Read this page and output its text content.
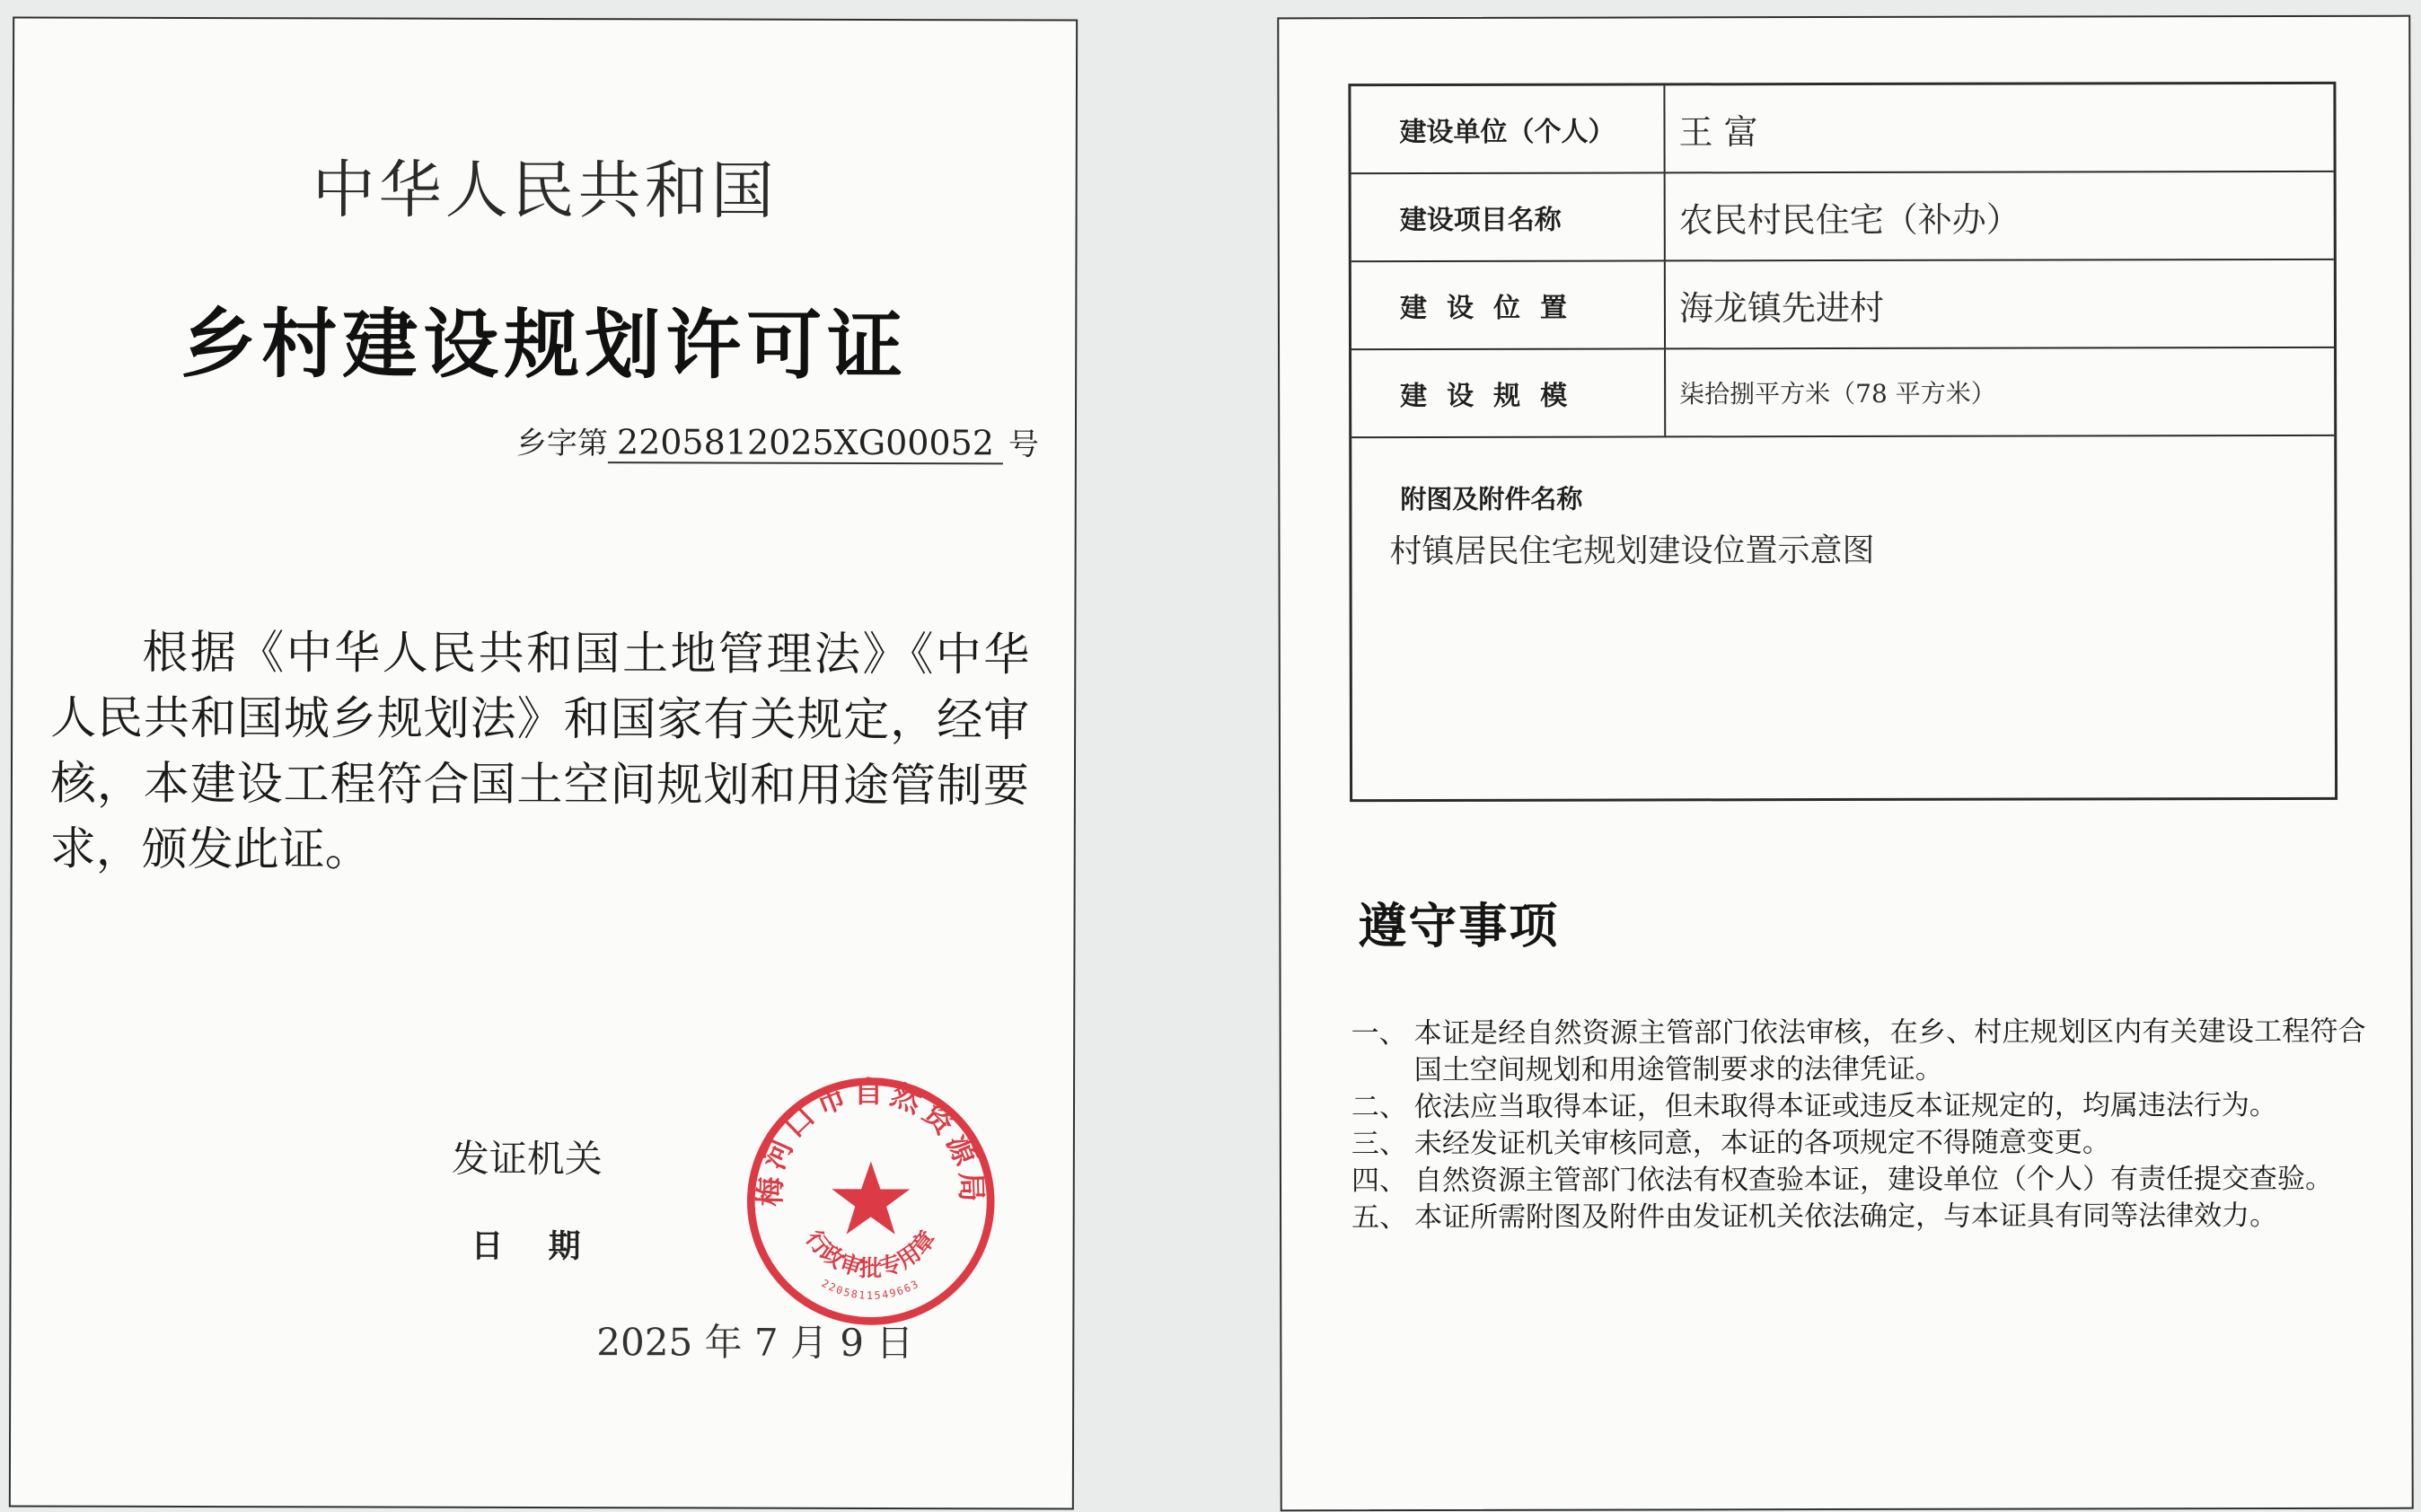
中华人民共和国
乡村建设规划许可证
乡字第 2205812025XG00052 号
根据《中华人民共和国土地管理法》《中华人民共和国城乡规划法》和国家有关规定，经审核，本建设工程符合国土空间规划和用途管制要求，颁发此证。
发证机关
日期
2025 年 7 月 9 日
梅河口市自然资源局
行政审批专用章
2205811549663
建设单位（个人）	王 富
建设项目名称	农民村民住宅（补办）
建设位置	海龙镇先进村
建设规模	柒拾捌平方米（78 平方米）
附图及附件名称
村镇居民住宅规划建设位置示意图
遵守事项
一、 本证是经自然资源主管部门依法审核，在乡、村庄规划区内有关建设工程符合国土空间规划和用途管制要求的法律凭证。
二、 依法应当取得本证，但未取得本证或违反本证规定的，均属违法行为。
三、 未经发证机关审核同意，本证的各项规定不得随意变更。
四、 自然资源主管部门依法有权查验本证，建设单位（个人）有责任提交查验。
五、 本证所需附图及附件由发证机关依法确定，与本证具有同等法律效力。
